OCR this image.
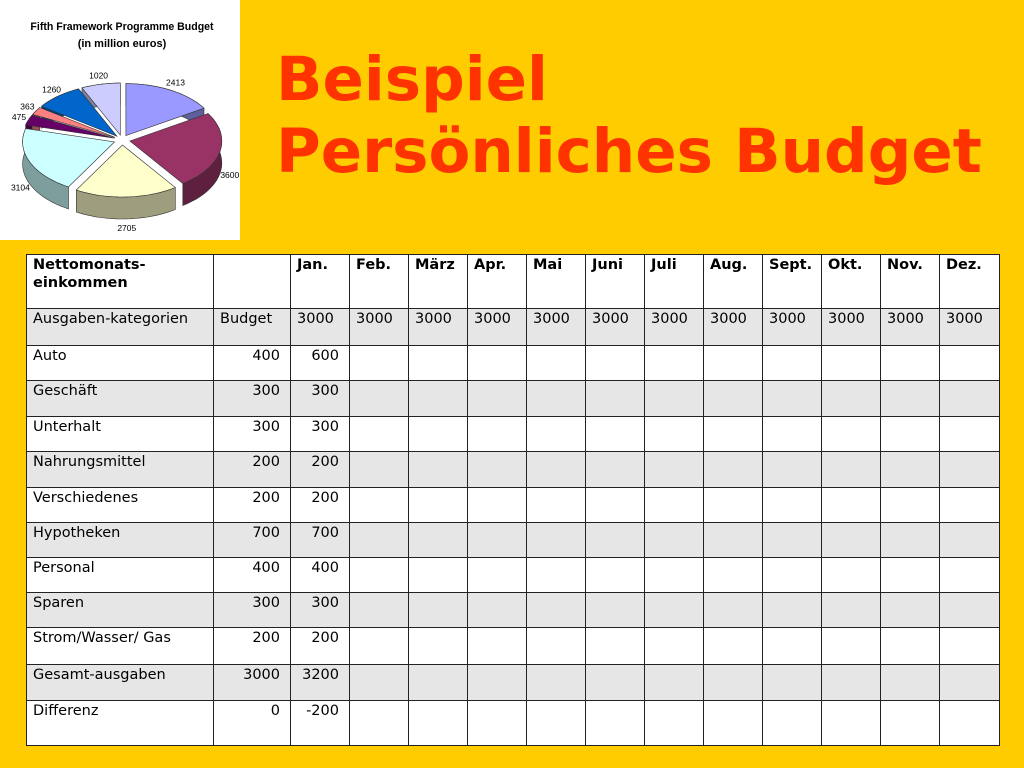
Fifth Framework Programme Budget
(in million euros)
2413
3600
2705
3104
475
363
1260
1020	Beispiel
Persönliches Budget
Nettomonats-einkommen		Jan.	Feb.	März	Apr.	Mai	Juni	Juli	Aug.	Sept.	Okt.	Nov.	Dez.
Ausgaben-kategorien	Budget	3000	3000	3000	3000	3000	3000	3000	3000	3000	3000	3000	3000
Auto	400	600											
Geschäft	300	300											
Unterhalt	300	300											
Nahrungsmittel	200	200											
Verschiedenes	200	200											
Hypotheken	700	700											
Personal	400	400											
Sparen	300	300											
Strom/Wasser/ Gas	200	200											
Gesamt-ausgaben	3000	3200											
Differenz	0	-200											
